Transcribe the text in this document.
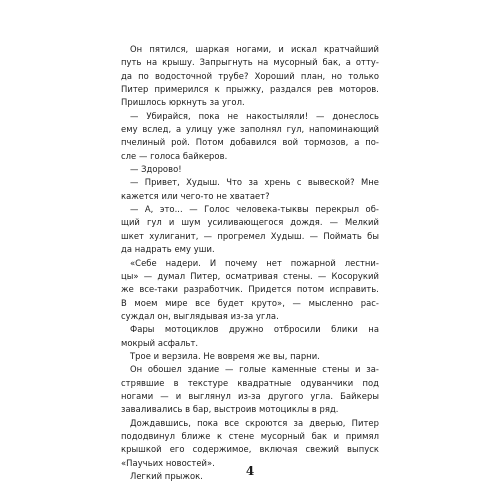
Он пятился, шаркая ногами, и искал кратчайший
путь на крышу. Запрыгнуть на мусорный бак, а отту-
да по водосточной трубе? Хороший план, но только
Питер примерился к прыжку, раздался рев моторов.
Пришлось юркнуть за угол.
— Убирайся, пока не накостыляли! — донеслось
ему вслед, а улицу уже заполнял гул, напоминающий
пчелиный рой. Потом добавился вой тормозов, а по-
сле — голоса байкеров.
— Здорово!
— Привет, Худыш. Что за хрень с вывеской? Мне
кажется или чего-то не хватает?
— А, это... — Голос человека-тыквы перекрыл об-
щий гул и шум усиливающегося дождя. — Мелкий
шкет хулиганит, — прогремел Худыш. — Поймать бы
да надрать ему уши.
«Себе надери. И почему нет пожарной лестни-
цы» — думал Питер, осматривая стены. — Косорукий
же все-таки разработчик. Придется потом исправить.
В моем мире все будет круто», — мысленно рас-
суждал он, выглядывая из-за угла.
Фары мотоциклов дружно отбросили блики на
мокрый асфальт.
Трое и верзила. Не вовремя же вы, парни.
Он обошел здание — голые каменные стены и за-
стрявшие в текстуре квадратные одуванчики под
ногами — и выглянул из-за другого угла. Байкеры
заваливались в бар, выстроив мотоциклы в ряд.
Дождавшись, пока все скроются за дверью, Питер
пододвинул ближе к стене мусорный бак и примял
крышкой его содержимое, включая свежий выпуск
«Паучьих новостей».
Легкий прыжок.	4
